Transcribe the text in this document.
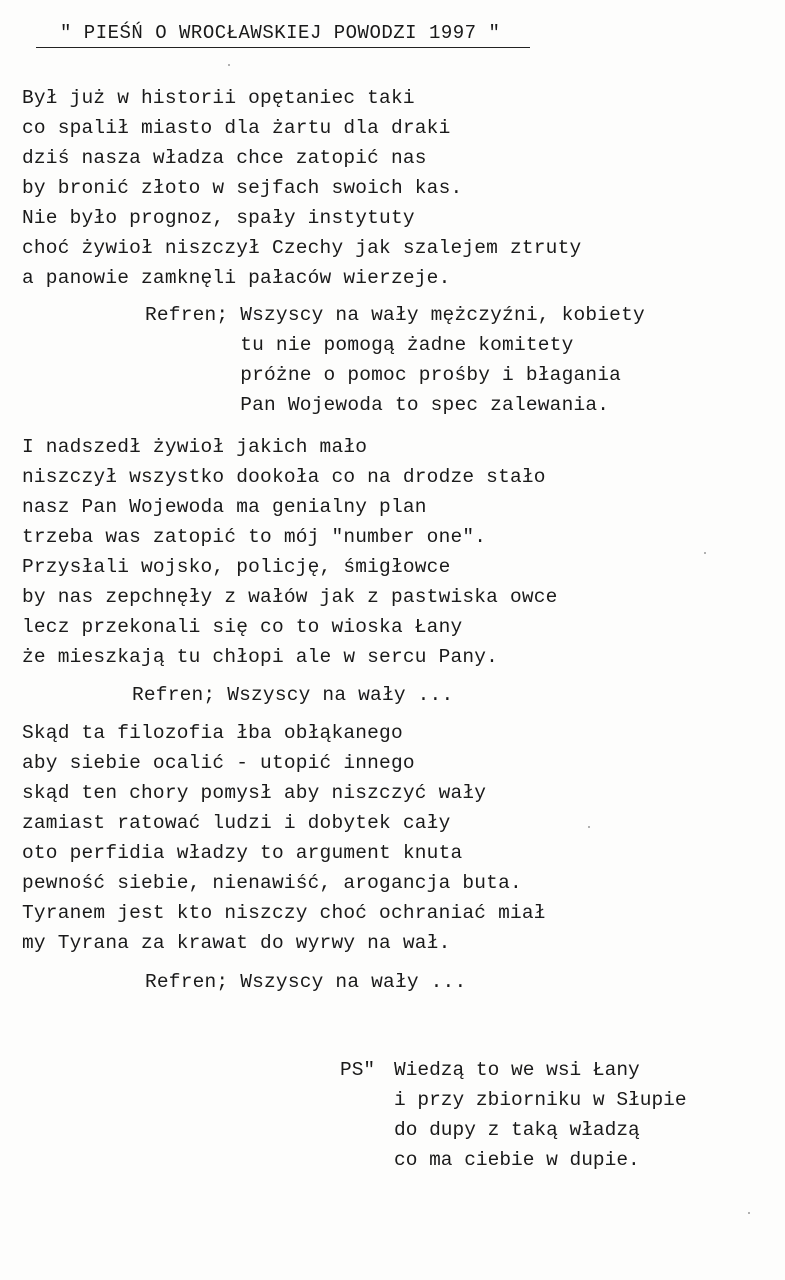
" PIEŚŃ O WROCŁAWSKIEJ POWODZI 1997 "
Był już w historii opętaniec taki
co spalił miasto dla żartu dla draki
dziś nasza władza chce zatopić nas
by bronić złoto w sejfach swoich kas.
Nie było prognoz, spały instytuty
choć żywioł niszczył Czechy jak szalejem ztruty
a panowie zamknęli pałaców wierzeje.
Refren; Wszyscy na wały mężczyźni, kobiety
tu nie pomogą żadne komitety
próżne o pomoc prośby i błagania
Pan Wojewoda to spec zalewania.
I nadszedł żywioł jakich mało
niszczył wszystko dookoła co na drodze stało
nasz Pan Wojewoda ma genialny plan
trzeba was zatopić to mój "number one".
Przysłali wojsko, policję, śmigłowce
by nas zepchnęły z wałów jak z pastwiska owce
lecz przekonali się co to wioska Łany
że mieszkają tu chłopi ale w sercu Pany.
Refren; Wszyscy na wały ...
Skąd ta filozofia łba obłąkanego
aby siebie ocalić - utopić innego
skąd ten chory pomysł aby niszczyć wały
zamiast ratować ludzi i dobytek cały
oto perfidia władzy to argument knuta
pewność siebie, nienawiść, arogancja buta.
Tyranem jest kto niszczy choć ochraniać miał
my Tyrana za krawat do wyrwy na wał.
Refren; Wszyscy na wały ...
PS" Wiedzą to we wsi Łany
i przy zbiorniku w Słupie
do dupy z taką władzą
co ma ciebie w dupie.
